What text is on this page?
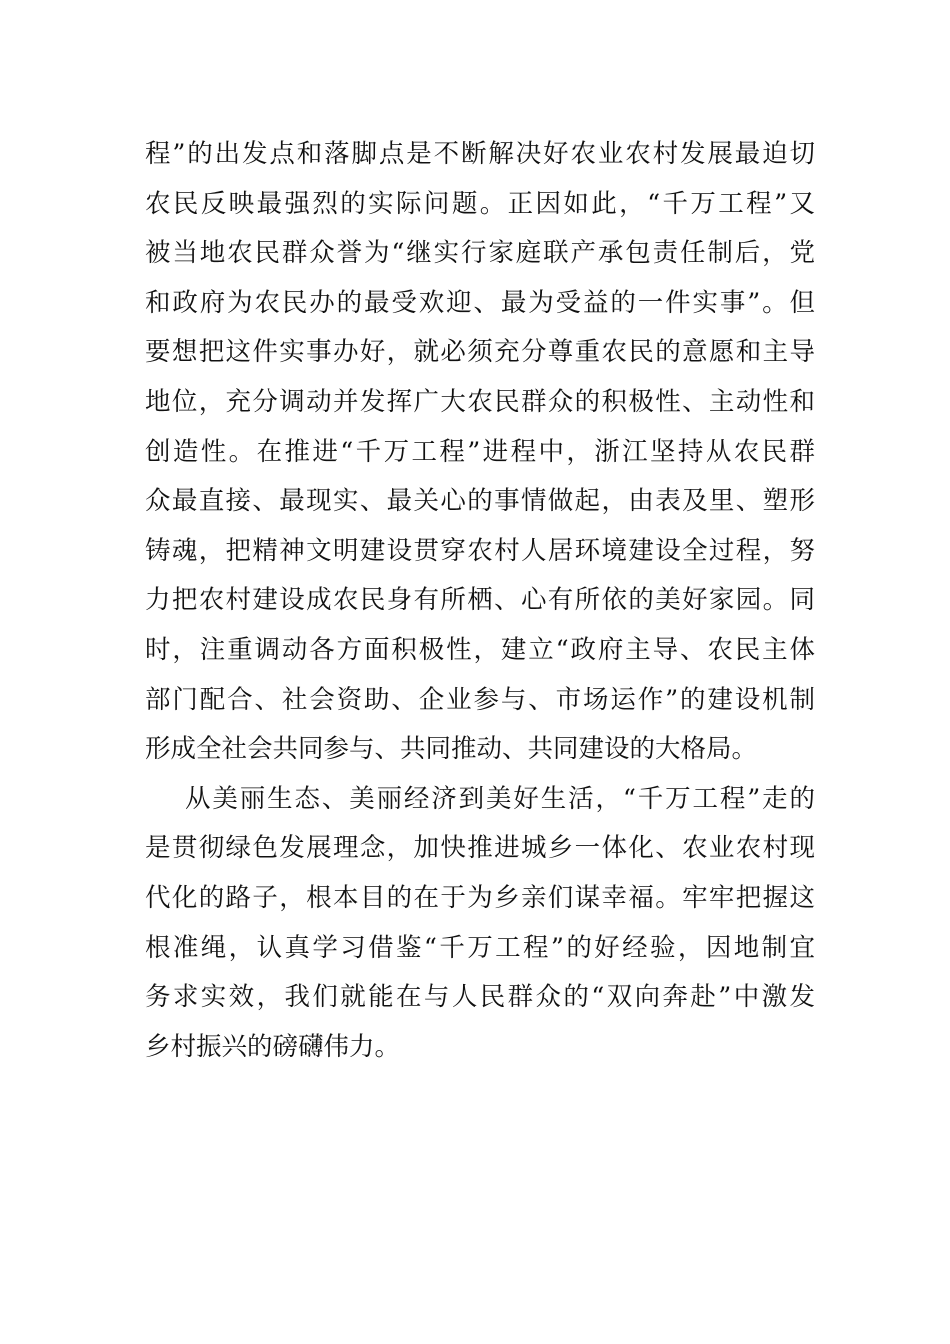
程”的出发点和落脚点是不断解决好农业农村发展最迫切
农民反映最强烈的实际问题。正因如此，“千万工程”又
被当地农民群众誉为“继实行家庭联产承包责任制后，党
和政府为农民办的最受欢迎、最为受益的一件实事”。但
要想把这件实事办好，就必须充分尊重农民的意愿和主导
地位，充分调动并发挥广大农民群众的积极性、主动性和
创造性。在推进“千万工程”进程中，浙江坚持从农民群
众最直接、最现实、最关心的事情做起，由表及里、塑形
铸魂，把精神文明建设贯穿农村人居环境建设全过程，努
力把农村建设成农民身有所栖、心有所依的美好家园。同
时，注重调动各方面积极性，建立“政府主导、农民主体
部门配合、社会资助、企业参与、市场运作”的建设机制
形成全社会共同参与、共同推动、共同建设的大格局。
从美丽生态、美丽经济到美好生活，“千万工程”走的
是贯彻绿色发展理念，加快推进城乡一体化、农业农村现
代化的路子，根本目的在于为乡亲们谋幸福。牢牢把握这
根准绳，认真学习借鉴“千万工程”的好经验，因地制宜
务求实效，我们就能在与人民群众的“双向奔赴”中激发
乡村振兴的磅礴伟力。
